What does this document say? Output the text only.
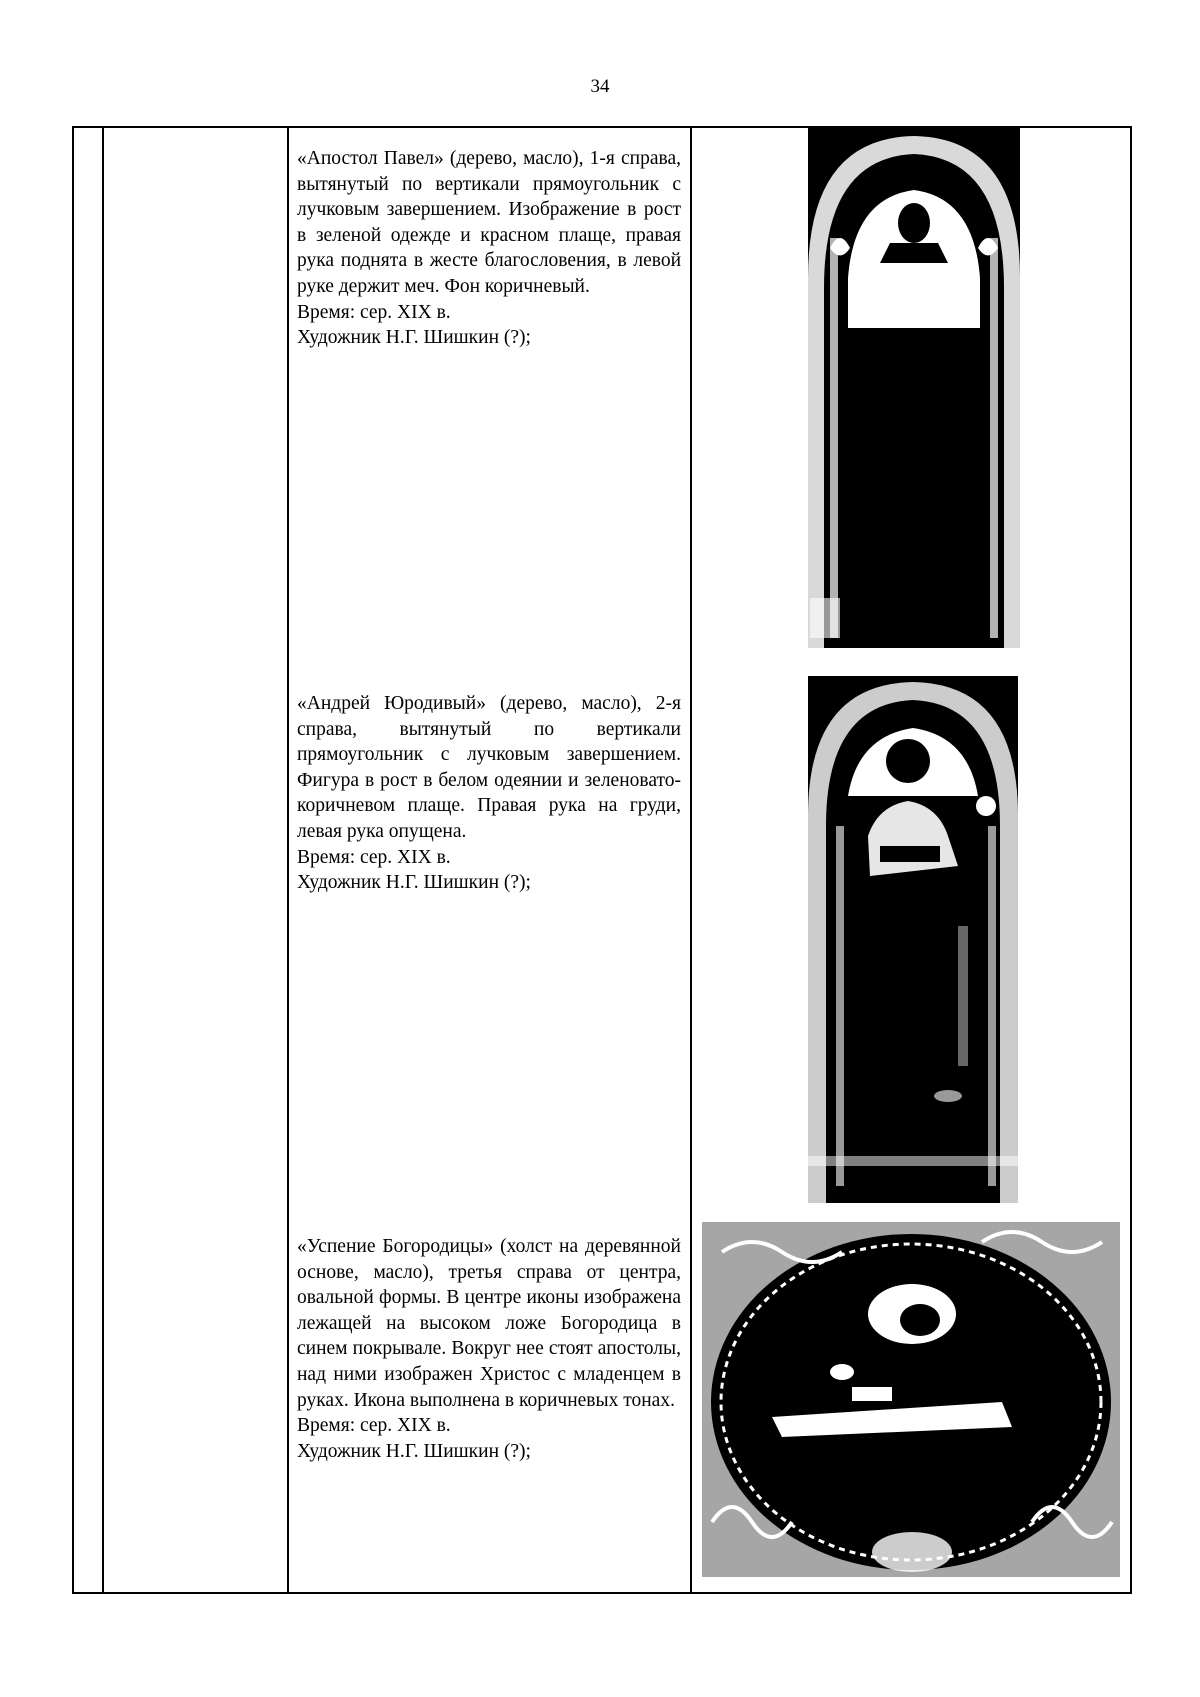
34

«Апостол Павел» (дерево, масло), 1-я справа, вытянутый по вертикали прямоугольник с лучковым завершением. Изображение в рост в зеленой одежде и красном плаще, правая рука поднята в жесте благословения, в левой руке держит меч. Фон коричневый.

Время: сер. XIX в.

Художник Н.Г. Шишкин (?);

«Андрей Юродивый» (дерево, масло), 2-я справа, вытянутый по вертикали прямоугольник с лучковым завершением. Фигура в рост в белом одеянии и зеленовато-коричневом плаще. Правая рука на груди, левая рука опущена.

Время: сер. XIX в.

Художник Н.Г. Шишкин (?);

«Успение Богородицы» (холст на деревянной основе, масло), третья справа от центра, овальной формы. В центре иконы изображена лежащей на высоком ложе Богородица в синем покрывале. Вокруг нее стоят апостолы, над ними изображен Христос с младенцем в руках. Икона выполнена в коричневых тонах.

Время: сер. XIX в.

Художник Н.Г. Шишкин (?);
